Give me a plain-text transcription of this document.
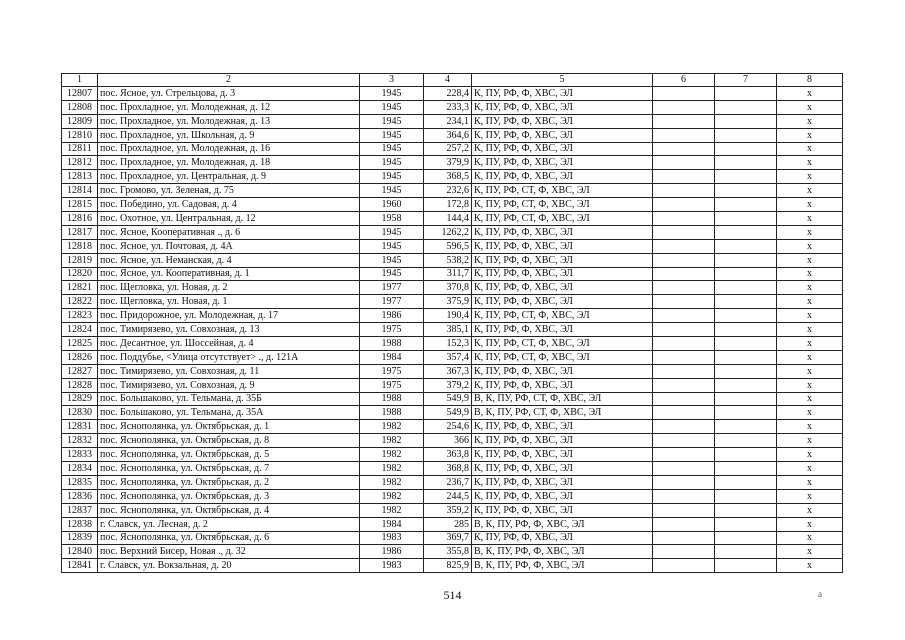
1	2	3	4	5	6	7	8
12807	пос. Ясное, ул. Стрельцова, д. 3	1945	228,4	К, ПУ, РФ, Ф, ХВС, ЭЛ			х
12808	пос. Прохладное, ул. Молодежная, д. 12	1945	233,3	К, ПУ, РФ, Ф, ХВС, ЭЛ			х
12809	пос. Прохладное, ул. Молодежная, д. 13	1945	234,1	К, ПУ, РФ, Ф, ХВС, ЭЛ			х
12810	пос. Прохладное, ул. Школьная, д. 9	1945	364,6	К, ПУ, РФ, Ф, ХВС, ЭЛ			х
12811	пос. Прохладное, ул. Молодежная, д. 16	1945	257,2	К, ПУ, РФ, Ф, ХВС, ЭЛ			х
12812	пос. Прохладное, ул. Молодежная, д. 18	1945	379,9	К, ПУ, РФ, Ф, ХВС, ЭЛ			х
12813	пос. Прохладное, ул. Центральная, д. 9	1945	368,5	К, ПУ, РФ, Ф, ХВС, ЭЛ			х
12814	пос. Громово, ул. Зеленая, д. 75	1945	232,6	К, ПУ, РФ, СТ, Ф, ХВС, ЭЛ			х
12815	пос. Победино, ул. Садовая, д. 4	1960	172,8	К, ПУ, РФ, СТ, Ф, ХВС, ЭЛ			х
12816	пос. Охотное, ул. Центральная, д. 12	1958	144,4	К, ПУ, РФ, СТ, Ф, ХВС, ЭЛ			х
12817	пос. Ясное, Кооперативная ., д. 6	1945	1262,2	К, ПУ, РФ, Ф, ХВС, ЭЛ			х
12818	пос. Ясное, ул. Почтовая, д. 4А	1945	596,5	К, ПУ, РФ, Ф, ХВС, ЭЛ			х
12819	пос. Ясное, ул. Неманская, д. 4	1945	538,2	К, ПУ, РФ, Ф, ХВС, ЭЛ			х
12820	пос. Ясное, ул. Кооперативная, д. 1	1945	311,7	К, ПУ, РФ, Ф, ХВС, ЭЛ			х
12821	пос. Щегловка, ул. Новая, д. 2	1977	370,8	К, ПУ, РФ, Ф, ХВС, ЭЛ			х
12822	пос. Щегловка, ул. Новая, д. 1	1977	375,9	К, ПУ, РФ, Ф, ХВС, ЭЛ			х
12823	пос. Придорожное, ул. Молодежная, д. 17	1986	190,4	К, ПУ, РФ, СТ, Ф, ХВС, ЭЛ			х
12824	пос. Тимирязево, ул. Совхозная, д. 13	1975	385,1	К, ПУ, РФ, Ф, ХВС, ЭЛ			х
12825	пос. Десантное, ул. Шоссейная, д. 4	1988	152,3	К, ПУ, РФ, СТ, Ф, ХВС, ЭЛ			х
12826	пос. Поддубье, <Улица отсутствует> ., д. 121А	1984	357,4	К, ПУ, РФ, СТ, Ф, ХВС, ЭЛ			х
12827	пос. Тимирязево, ул. Совхозная, д. 11	1975	367,3	К, ПУ, РФ, Ф, ХВС, ЭЛ			х
12828	пос. Тимирязево, ул. Совхозная, д. 9	1975	379,2	К, ПУ, РФ, Ф, ХВС, ЭЛ			х
12829	пос. Большаково, ул. Тельмана, д. 35Б	1988	549,9	В, К, ПУ, РФ, СТ, Ф, ХВС, ЭЛ			х
12830	пос. Большаково, ул. Тельмана, д. 35А	1988	549,9	В, К, ПУ, РФ, СТ, Ф, ХВС, ЭЛ			х
12831	пос. Яснополянка, ул. Октябрьская, д. 1	1982	254,6	К, ПУ, РФ, Ф, ХВС, ЭЛ			х
12832	пос. Яснополянка, ул. Октябрьская, д. 8	1982	366	К, ПУ, РФ, Ф, ХВС, ЭЛ			х
12833	пос. Яснополянка, ул. Октябрьская, д. 5	1982	363,8	К, ПУ, РФ, Ф, ХВС, ЭЛ			х
12834	пос. Яснополянка, ул. Октябрьская, д. 7	1982	368,8	К, ПУ, РФ, Ф, ХВС, ЭЛ			х
12835	пос. Яснополянка, ул. Октябрьская, д. 2	1982	236,7	К, ПУ, РФ, Ф, ХВС, ЭЛ			х
12836	пос. Яснополянка, ул. Октябрьская, д. 3	1982	244,5	К, ПУ, РФ, Ф, ХВС, ЭЛ			х
12837	пос. Яснополянка, ул. Октябрьская, д. 4	1982	359,2	К, ПУ, РФ, Ф, ХВС, ЭЛ			х
12838	г. Славск, ул. Лесная, д. 2	1984	285	В, К, ПУ, РФ, Ф, ХВС, ЭЛ			х
12839	пос. Яснополянка, ул. Октябрьская, д. 6	1983	369,7	К, ПУ, РФ, Ф, ХВС, ЭЛ			х
12840	пос. Верхний Бисер, Новая ., д. 32	1986	355,8	В, К, ПУ, РФ, Ф, ХВС, ЭЛ			х
12841	г. Славск, ул. Вокзальная, д. 20	1983	825,9	В, К, ПУ, РФ, Ф, ХВС, ЭЛ			х
514	a
